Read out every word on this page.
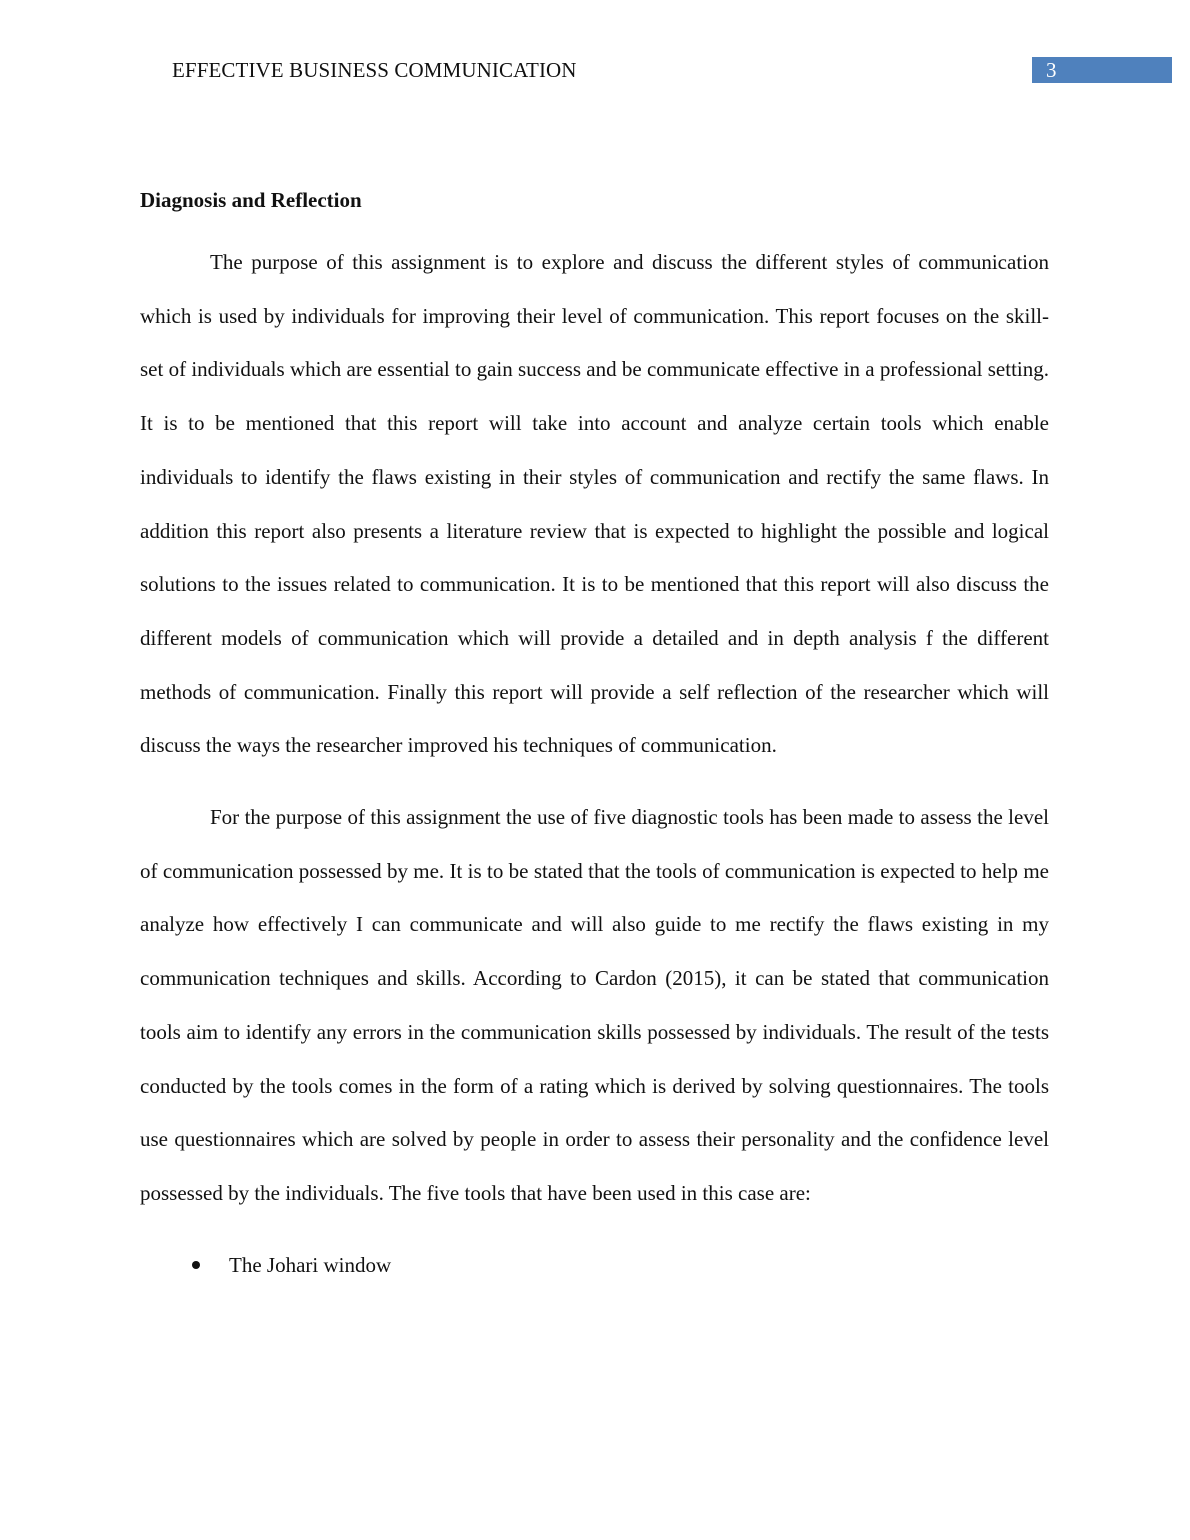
EFFECTIVE BUSINESS COMMUNICATION	3
Diagnosis and Reflection

The purpose of this assignment is to explore and discuss the different styles of communication which is used by individuals for improving their level of communication. This report focuses on the skill-set of individuals which are essential to gain success and be communicate effective in a professional setting. It is to be mentioned that this report will take into account and analyze certain tools which enable individuals to identify the flaws existing in their styles of communication and rectify the same flaws. In addition this report also presents a literature review that is expected to highlight the possible and logical solutions to the issues related to communication. It is to be mentioned that this report will also discuss the different models of communication which will provide a detailed and in depth analysis f the different methods of communication. Finally this report will provide a self reflection of the researcher which will discuss the ways the researcher improved his techniques of communication.

For the purpose of this assignment the use of five diagnostic tools has been made to assess the level of communication possessed by me. It is to be stated that the tools of communication is expected to help me analyze how effectively I can communicate and will also guide to me rectify the flaws existing in my communication techniques and skills. According to Cardon (2015), it can be stated that communication tools aim to identify any errors in the communication skills possessed by individuals. The result of the tests conducted by the tools comes in the form of a rating which is derived by solving questionnaires. The tools use questionnaires which are solved by people in order to assess their personality and the confidence level possessed by the individuals. The five tools that have been used in this case are:

The Johari window
